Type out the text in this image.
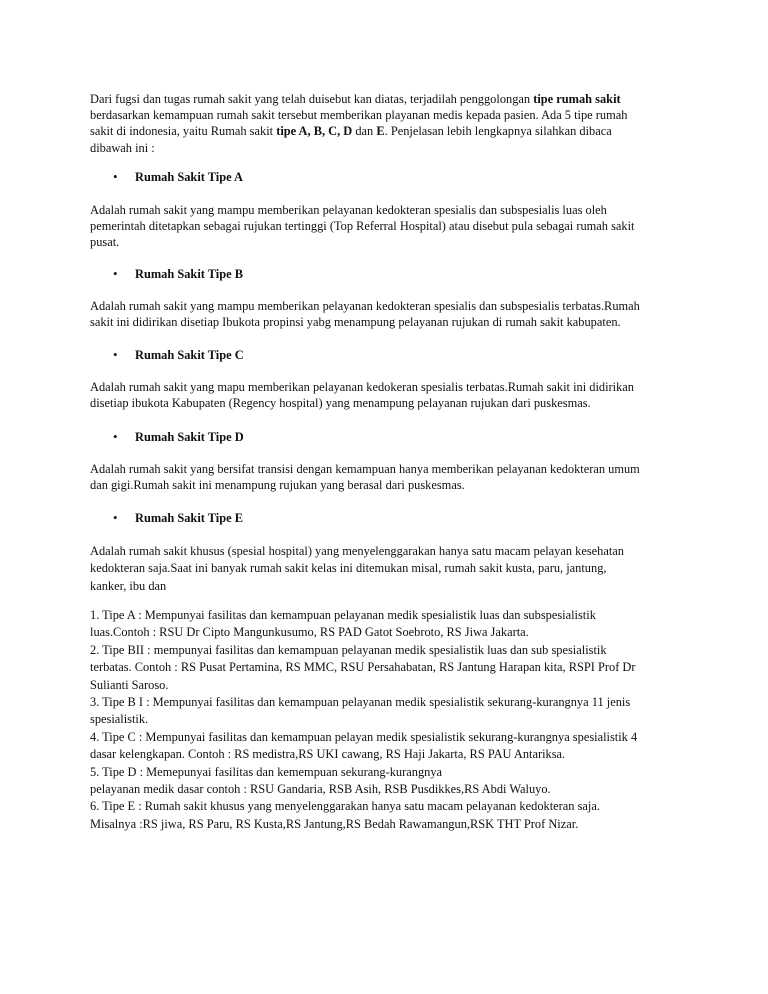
Dari fugsi dan tugas rumah sakit yang telah duisebut kan diatas, terjadilah penggolongan tipe rumah sakit
berdasarkan kemampuan rumah sakit tersebut memberikan playanan medis kepada pasien. Ada 5 tipe rumah
sakit di indonesia, yaitu Rumah sakit tipe A, B, C, D dan E. Penjelasan lebih lengkapnya silahkan dibaca
dibawah ini :
• Rumah Sakit Tipe A
Adalah rumah sakit yang mampu memberikan pelayanan kedokteran spesialis dan subspesialis luas oleh
pemerintah ditetapkan sebagai rujukan tertinggi (Top Referral Hospital) atau disebut pula sebagai rumah sakit
pusat.
• Rumah Sakit Tipe B
Adalah rumah sakit yang mampu memberikan pelayanan kedokteran spesialis dan subspesialis terbatas.Rumah
sakit ini didirikan disetiap Ibukota propinsi yabg menampung pelayanan rujukan di rumah sakit kabupaten.
• Rumah Sakit Tipe C
Adalah rumah sakit yang mapu memberikan pelayanan kedokeran spesialis terbatas.Rumah sakit ini didirikan
disetiap ibukota Kabupaten (Regency hospital) yang menampung pelayanan rujukan dari puskesmas.
• Rumah Sakit Tipe D
Adalah rumah sakit yang bersifat transisi dengan kemampuan hanya memberikan pelayanan kedokteran umum
dan gigi.Rumah sakit ini menampung rujukan yang berasal dari puskesmas.
• Rumah Sakit Tipe E
Adalah rumah sakit khusus (spesial hospital) yang menyelenggarakan hanya satu macam pelayan kesehatan
kedokteran saja.Saat ini banyak rumah sakit kelas ini ditemukan misal, rumah sakit kusta, paru, jantung,
kanker, ibu dan
1. Tipe A : Mempunyai fasilitas dan kemampuan pelayanan medik spesialistik luas dan subspesialistik
luas.Contoh : RSU Dr Cipto Mangunkusumo, RS PAD Gatot Soebroto, RS Jiwa Jakarta.
2. Tipe BII : mempunyai fasilitas dan kemampuan pelayanan medik spesialistik luas dan sub spesialistik
terbatas. Contoh : RS Pusat Pertamina, RS MMC, RSU Persahabatan, RS Jantung Harapan kita, RSPI Prof Dr
Sulianti Saroso.
3. Tipe B I : Mempunyai fasilitas dan kemampuan pelayanan medik spesialistik sekurang-kurangnya 11 jenis
spesialistik.
4. Tipe C : Mempunyai fasilitas dan kemampuan pelayan medik spesialistik sekurang-kurangnya spesialistik 4
dasar kelengkapan. Contoh : RS medistra,RS UKI cawang, RS Haji Jakarta, RS PAU Antariksa.
5. Tipe D : Memepunyai fasilitas dan kemempuan sekurang-kurangnya
pelayanan medik dasar contoh : RSU Gandaria, RSB Asih, RSB Pusdikkes,RS Abdi Waluyo.
6. Tipe E : Rumah sakit khusus yang menyelenggarakan hanya satu macam pelayanan kedokteran saja.
Misalnya :RS jiwa, RS Paru, RS Kusta,RS Jantung,RS Bedah Rawamangun,RSK THT Prof Nizar.
